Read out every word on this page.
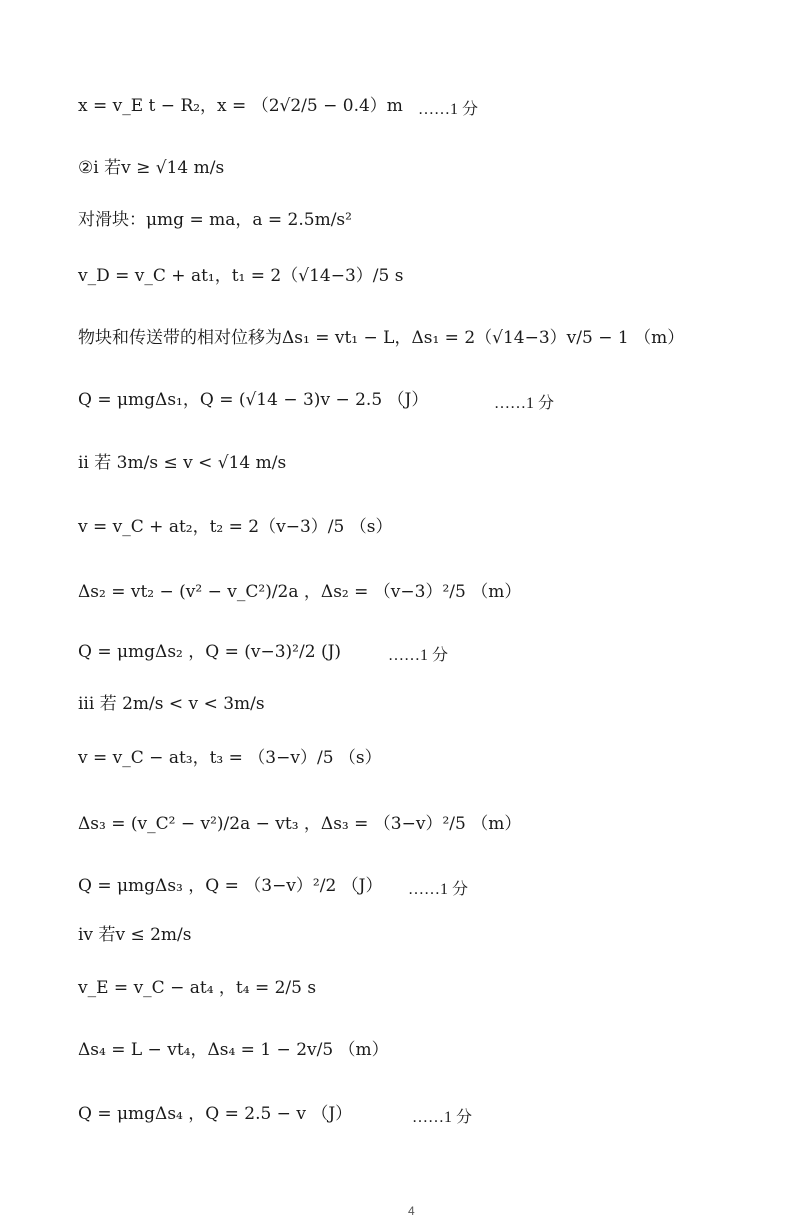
x = v_E t − R₂，x = （2√2/5 − 0.4）m ……1 分
②i 若v ≥ √14 m/s
对滑块：μmg = ma，a = 2.5m/s²
v_D = v_C + at₁，t₁ = 2（√14−3）/5 s
物块和传送带的相对位移为Δs₁ = vt₁ − L，Δs₁ = 2（√14−3）v/5 − 1 （m）
Q = μmgΔs₁，Q = (√14 − 3)v − 2.5 （J）	……1 分
ii 若 3m/s ≤ v < √14 m/s
v = v_C + at₂，t₂ = 2（v−3）/5 （s）
Δs₂ = vt₂ − (v² − v_C²)/2a ，Δs₂ = （v−3）²/5 （m）
Q = μmgΔs₂ ，Q = (v−3)²/2 (J)	……1 分
iii 若 2m/s < v < 3m/s
v = v_C − at₃，t₃ = （3−v）/5 （s）
Δs₃ = (v_C² − v²)/2a − vt₃ ，Δs₃ = （3−v）²/5 （m）
Q = μmgΔs₃ ，Q = （3−v）²/2 （J） ……1 分
iv 若v ≤ 2m/s
v_E = v_C − at₄ ，t₄ = 2/5 s
Δs₄ = L − vt₄，Δs₄ = 1 − 2v/5 （m）
Q = μmgΔs₄ ，Q = 2.5 − v （J）	……1 分
4
